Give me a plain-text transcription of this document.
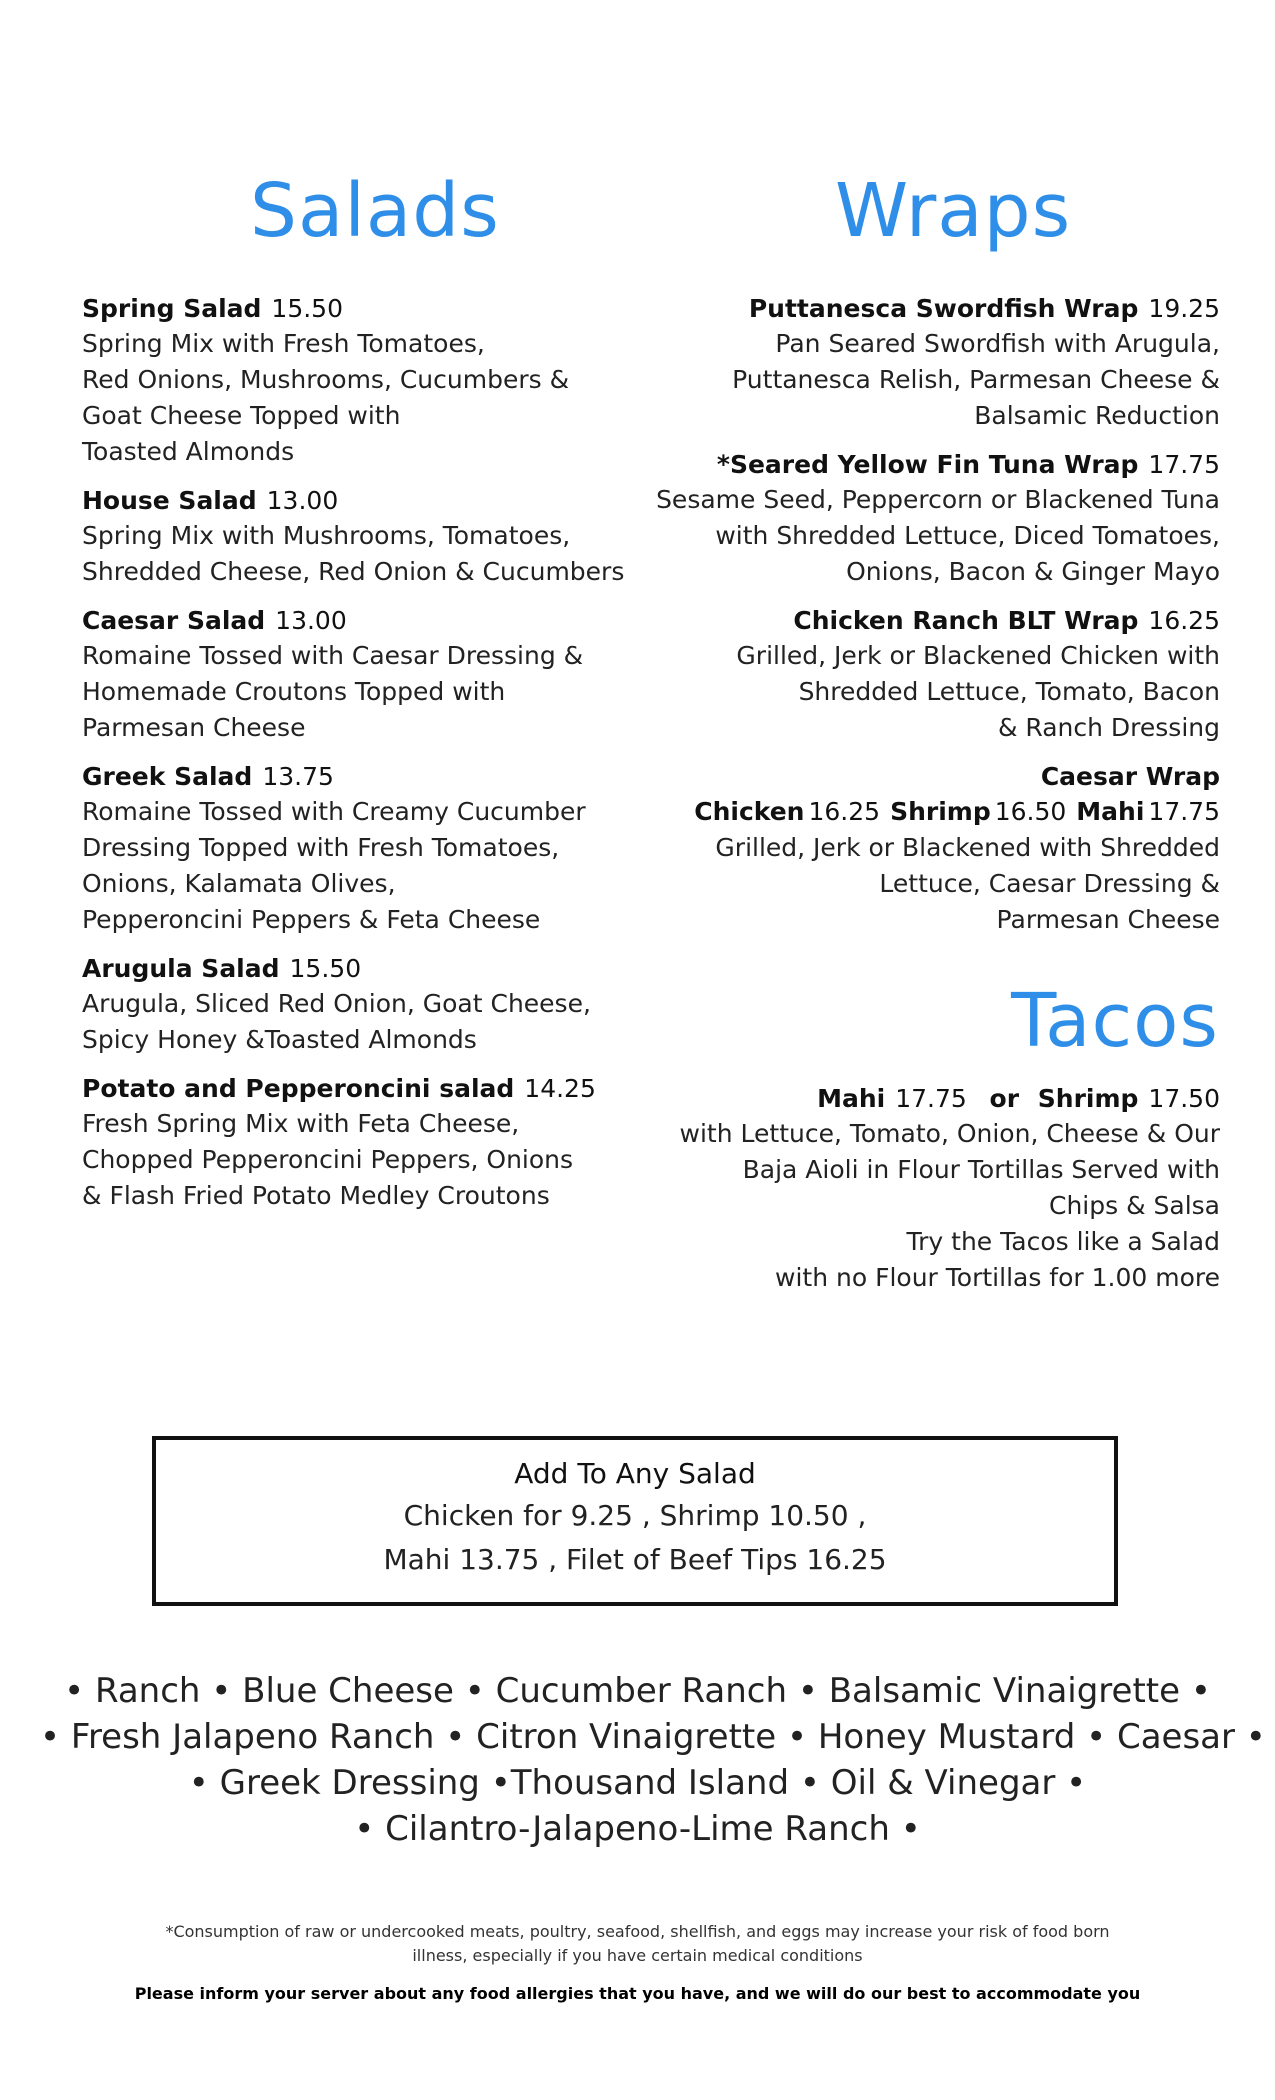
Salads	Wraps
Tacos
Spring Salad 15.50
Spring Mix with Fresh Tomatoes,
Red Onions, Mushrooms, Cucumbers &
Goat Cheese Topped with
Toasted Almonds
House Salad 13.00
Spring Mix with Mushrooms, Tomatoes,
Shredded Cheese, Red Onion & Cucumbers
Caesar Salad 13.00
Romaine Tossed with Caesar Dressing &
Homemade Croutons Topped with
Parmesan Cheese
Greek Salad 13.75
Romaine Tossed with Creamy Cucumber
Dressing Topped with Fresh Tomatoes,
Onions, Kalamata Olives,
Pepperoncini Peppers & Feta Cheese
Arugula Salad 15.50
Arugula, Sliced Red Onion, Goat Cheese,
Spicy Honey &Toasted Almonds
Potato and Pepperoncini salad 14.25
Fresh Spring Mix with Feta Cheese,
Chopped Pepperoncini Peppers, Onions
& Flash Fried Potato Medley Croutons
Puttanesca Swordfish Wrap 19.25
Pan Seared Swordfish with Arugula,
Puttanesca Relish, Parmesan Cheese &
Balsamic Reduction
*Seared Yellow Fin Tuna Wrap 17.75
Sesame Seed, Peppercorn or Blackened Tuna
with Shredded Lettuce, Diced Tomatoes,
Onions, Bacon & Ginger Mayo
Chicken Ranch BLT Wrap 16.25
Grilled, Jerk or Blackened Chicken with
Shredded Lettuce, Tomato, Bacon
& Ranch Dressing
Caesar Wrap
Chicken 16.25 Shrimp 16.50 Mahi 17.75
Grilled, Jerk or Blackened with Shredded
Lettuce, Caesar Dressing &
Parmesan Cheese
Mahi 17.75 or Shrimp 17.50
with Lettuce, Tomato, Onion, Cheese & Our
Baja Aioli in Flour Tortillas Served with
Chips & Salsa
Try the Tacos like a Salad
with no Flour Tortillas for 1.00 more
Add To Any Salad
Chicken for 9.25 , Shrimp 10.50 ,
Mahi 13.75 , Filet of Beef Tips 16.25
• Ranch • Blue Cheese • Cucumber Ranch • Balsamic Vinaigrette •
• Fresh Jalapeno Ranch • Citron Vinaigrette • Honey Mustard • Caesar •
• Greek Dressing •Thousand Island • Oil & Vinegar •
• Cilantro-Jalapeno-Lime Ranch •
*Consumption of raw or undercooked meats, poultry, seafood, shellfish, and eggs may increase your risk of food born
illness, especially if you have certain medical conditions
Please inform your server about any food allergies that you have, and we will do our best to accommodate you
